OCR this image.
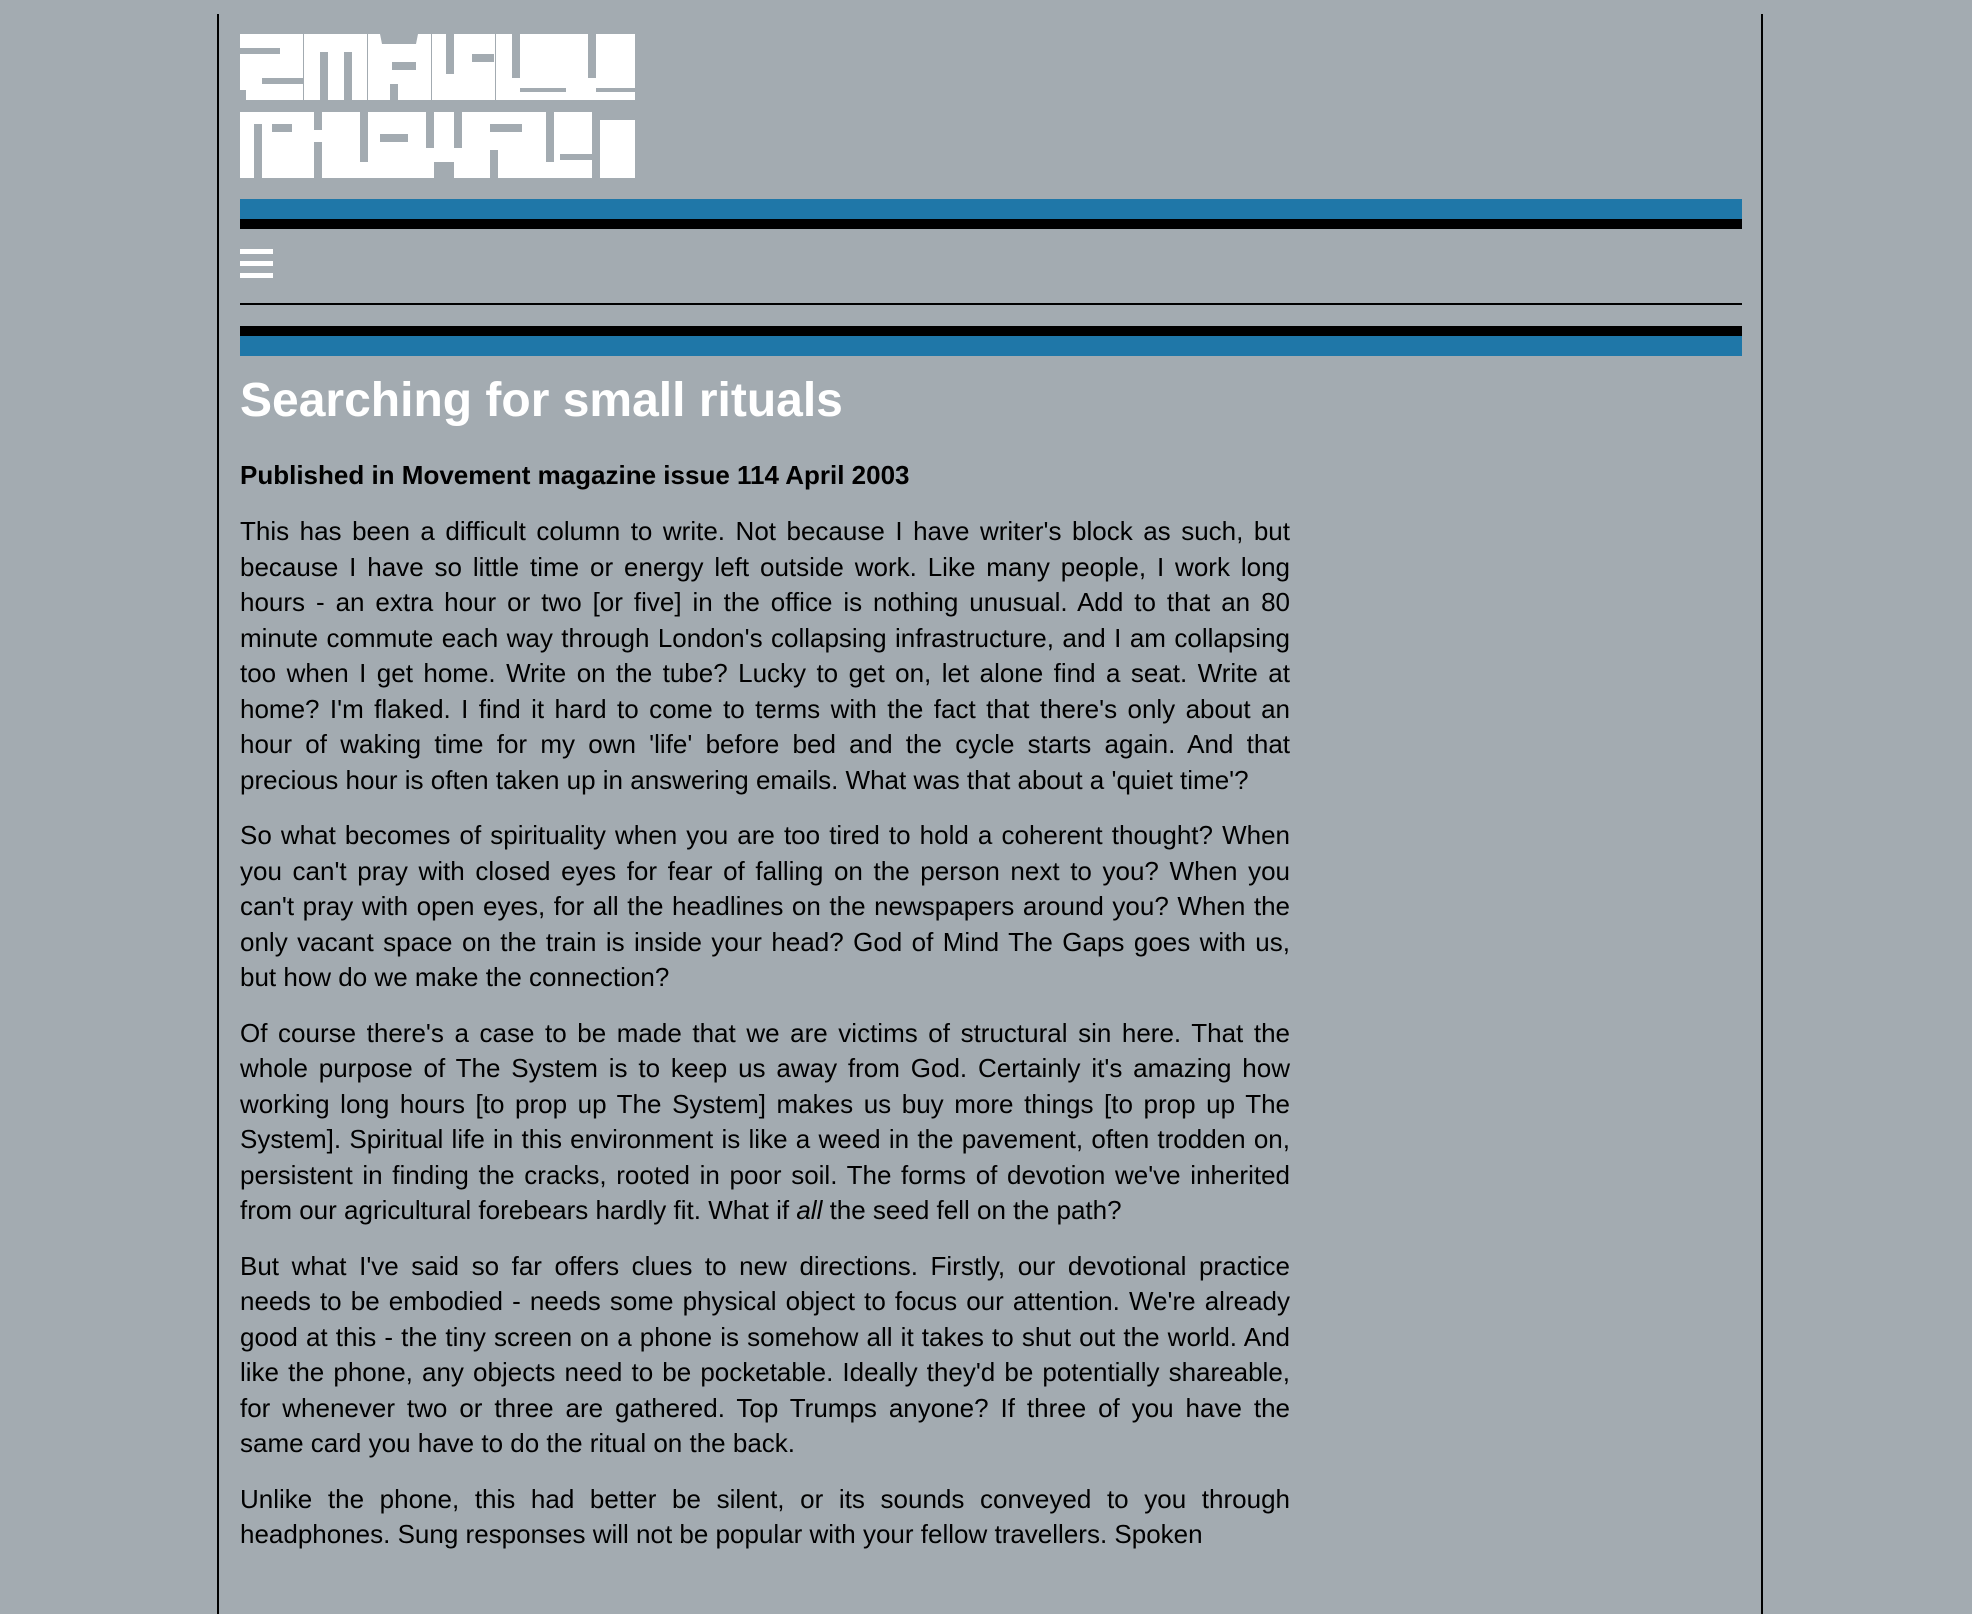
Searching for small rituals

Published in Movement magazine issue 114 April 2003

This has been a difficult column to write. Not because I have writer's block as such, but because I have so little time or energy left outside work. Like many people, I work long hours - an extra hour or two [or five] in the office is nothing unusual. Add to that an 80 minute commute each way through London's collapsing infrastructure, and I am collapsing too when I get home. Write on the tube? Lucky to get on, let alone find a seat. Write at home? I'm flaked. I find it hard to come to terms with the fact that there's only about an hour of waking time for my own 'life' before bed and the cycle starts again. And that precious hour is often taken up in answering emails. What was that about a 'quiet time'?

So what becomes of spirituality when you are too tired to hold a coherent thought? When you can't pray with closed eyes for fear of falling on the person next to you? When you can't pray with open eyes, for all the headlines on the newspapers around you? When the only vacant space on the train is inside your head? God of Mind The Gaps goes with us, but how do we make the connection?

Of course there's a case to be made that we are victims of structural sin here. That the whole purpose of The System is to keep us away from God. Certainly it's amazing how working long hours [to prop up The System] makes us buy more things [to prop up The System]. Spiritual life in this environment is like a weed in the pavement, often trodden on, persistent in finding the cracks, rooted in poor soil. The forms of devotion we've inherited from our agricultural forebears hardly fit. What if all the seed fell on the path?

But what I've said so far offers clues to new directions. Firstly, our devotional practice needs to be embodied - needs some physical object to focus our attention. We're already good at this - the tiny screen on a phone is somehow all it takes to shut out the world. And like the phone, any objects need to be pocketable. Ideally they'd be potentially shareable, for whenever two or three are gathered. Top Trumps anyone? If three of you have the same card you have to do the ritual on the back.

Unlike the phone, this had better be silent, or its sounds conveyed to you through headphones. Sung responses will not be popular with your fellow travellers. Spoken
